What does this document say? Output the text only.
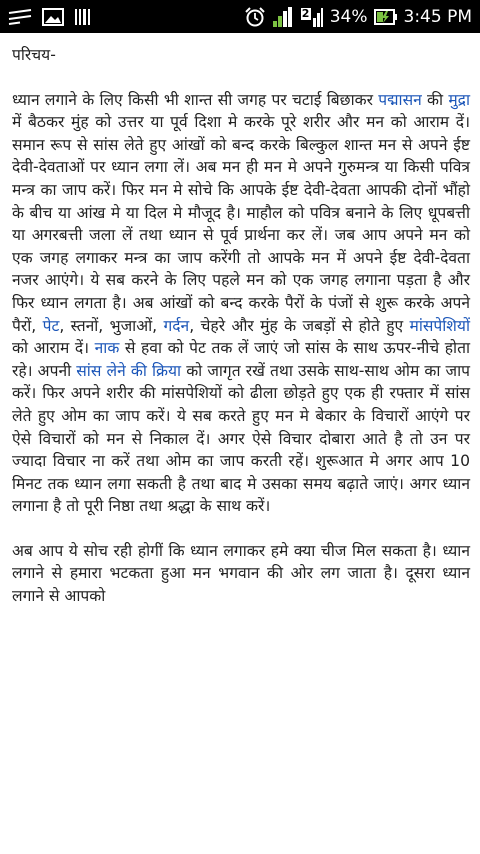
2 34% 3:45 PM
परिचय-

ध्यान लगाने के लिए किसी भी शान्त सी जगह पर चटाई बिछाकर पद्मासन की मुद्रा में बैठकर मुंह को उत्तर या पूर्व दिशा मे करके पूरे शरीर और मन को आराम दें। समान रूप से सांस लेते हुए आंखों को बन्द करके बिल्कुल शान्त मन से अपने ईष्ट देवी-देवताओं पर ध्यान लगा लें। अब मन ही मन मे अपने गुरुमन्त्र या किसी पवित्र मन्त्र का जाप करें। फिर मन मे सोचे कि आपके ईष्ट देवी-देवता आपकी दोनों भौंहो के बीच या आंख मे या दिल मे मौजूद है। माहौल को पवित्र बनाने के लिए धूपबत्ती या अगरबत्ती जला लें तथा ध्यान से पूर्व प्रार्थना कर लें। जब आप अपने मन को एक जगह लगाकर मन्त्र का जाप करेंगी तो आपके मन में अपने ईष्ट देवी-देवता नजर आएंगे। ये सब करने के लिए पहले मन को एक जगह लगाना पड़ता है और फिर ध्यान लगता है। अब आंखों को बन्द करके पैरों के पंजों से शुरू करके अपने पैरों, पेट, स्तनों, भुजाओं, गर्दन, चेहरे और मुंह के जबड़ों से होते हुए मांसपेशियों को आराम दें। नाक से हवा को पेट तक लें जाएं जो सांस के साथ ऊपर-नीचे होता रहे। अपनी सांस लेने की क्रिया को जागृत रखें तथा उसके साथ-साथ ओम का जाप करें। फिर अपने शरीर की मांसपेशियों को ढीला छोड़ते हुए एक ही रफ्तार में सांस लेते हुए ओम का जाप करें। ये सब करते हुए मन मे बेकार के विचारों आएंगे पर ऐसे विचारों को मन से निकाल दें। अगर ऐसे विचार दोबारा आते है तो उन पर ज्यादा विचार ना करें तथा ओम का जाप करती रहें। शुरूआत मे अगर आप 10 मिनट तक ध्यान लगा सकती है तथा बाद मे उसका समय बढ़ाते जाएं। अगर ध्यान लगाना है तो पूरी निष्ठा तथा श्रद्धा के साथ करें।

अब आप ये सोच रही होगीं कि ध्यान लगाकर हमे क्या चीज मिल सकता है। ध्यान लगाने से हमारा भटकता हुआ मन भगवान की ओर लग जाता है। दूसरा ध्यान लगाने से आपको
